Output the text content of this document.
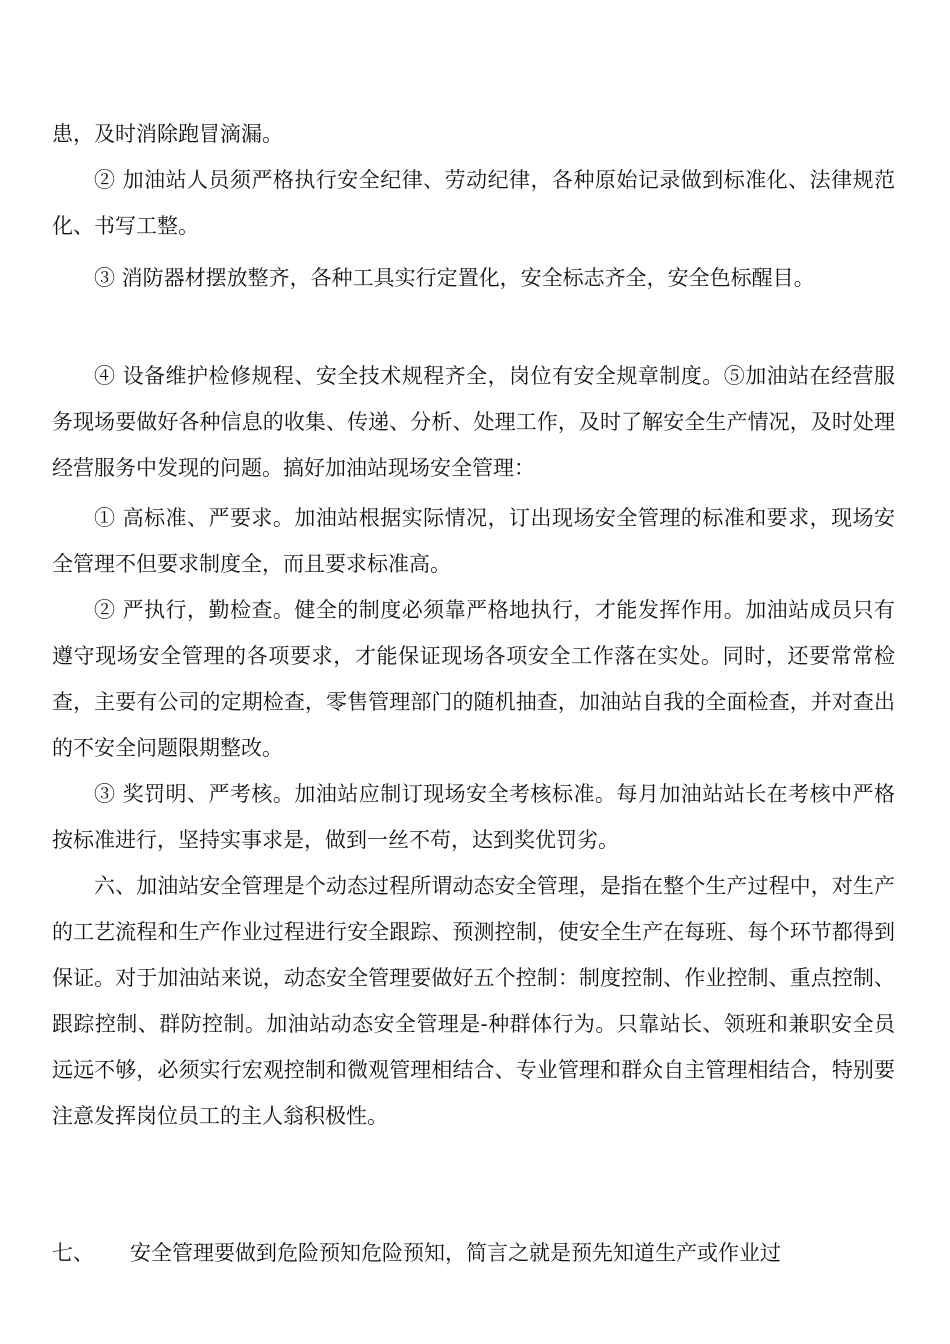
患，及时消除跑冒滴漏。

② 加油站人员须严格执行安全纪律、劳动纪律，各种原始记录做到标准化、法律规范化、书写工整。

③ 消防器材摆放整齐，各种工具实行定置化，安全标志齐全，安全色标醒目。

④ 设备维护检修规程、安全技术规程齐全，岗位有安全规章制度。⑤加油站在经营服务现场要做好各种信息的收集、传递、分析、处理工作，及时了解安全生产情况，及时处理经营服务中发现的问题。搞好加油站现场安全管理：

① 高标准、严要求。加油站根据实际情况，订出现场安全管理的标准和要求，现场安全管理不但要求制度全，而且要求标准高。

② 严执行，勤检查。健全的制度必须靠严格地执行，才能发挥作用。加油站成员只有遵守现场安全管理的各项要求，才能保证现场各项安全工作落在实处。同时，还要常常检查，主要有公司的定期检查，零售管理部门的随机抽查，加油站自我的全面检查，并对查出的不安全问题限期整改。

③ 奖罚明、严考核。加油站应制订现场安全考核标准。每月加油站站长在考核中严格按标准进行，坚持实事求是，做到一丝不苟，达到奖优罚劣。

六、加油站安全管理是个动态过程所谓动态安全管理，是指在整个生产过程中，对生产的工艺流程和生产作业过程进行安全跟踪、预测控制，使安全生产在每班、每个环节都得到保证。对于加油站来说，动态安全管理要做好五个控制：制度控制、作业控制、重点控制、跟踪控制、群防控制。加油站动态安全管理是-种群体行为。只靠站长、领班和兼职安全员远远不够，必须实行宏观控制和微观管理相结合、专业管理和群众自主管理相结合，特别要注意发挥岗位员工的主人翁积极性。

七、	安全管理要做到危险预知危险预知，简言之就是预先知道生产或作业过
